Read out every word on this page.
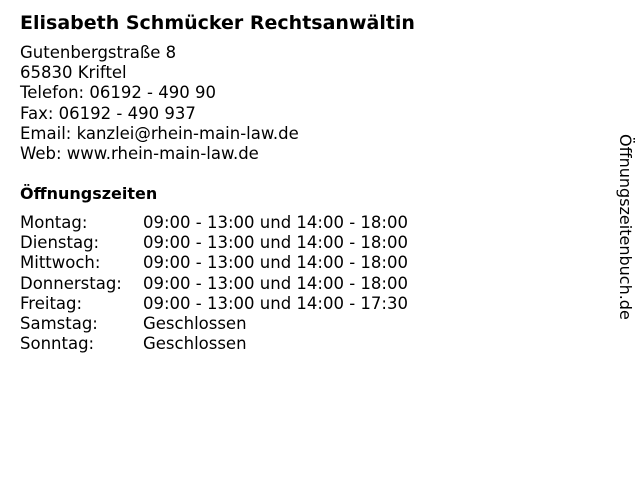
Elisabeth Schmücker Rechtsanwältin
Gutenbergstraße 8
65830 Kriftel
Telefon: 06192 - 490 90
Fax: 06192 - 490 937
Email: kanzlei@rhein-main-law.de
Web: www.rhein-main-law.de
Öffnungszeiten
Montag:	09:00 - 13:00 und 14:00 - 18:00
Dienstag:	09:00 - 13:00 und 14:00 - 18:00
Mittwoch:	09:00 - 13:00 und 14:00 - 18:00
Donnerstag: 09:00 - 13:00 und 14:00 - 18:00
Freitag:	09:00 - 13:00 und 14:00 - 17:30
Samstag:	Geschlossen
Sonntag:	Geschlossen
Öffnungszeitenbuch.de
